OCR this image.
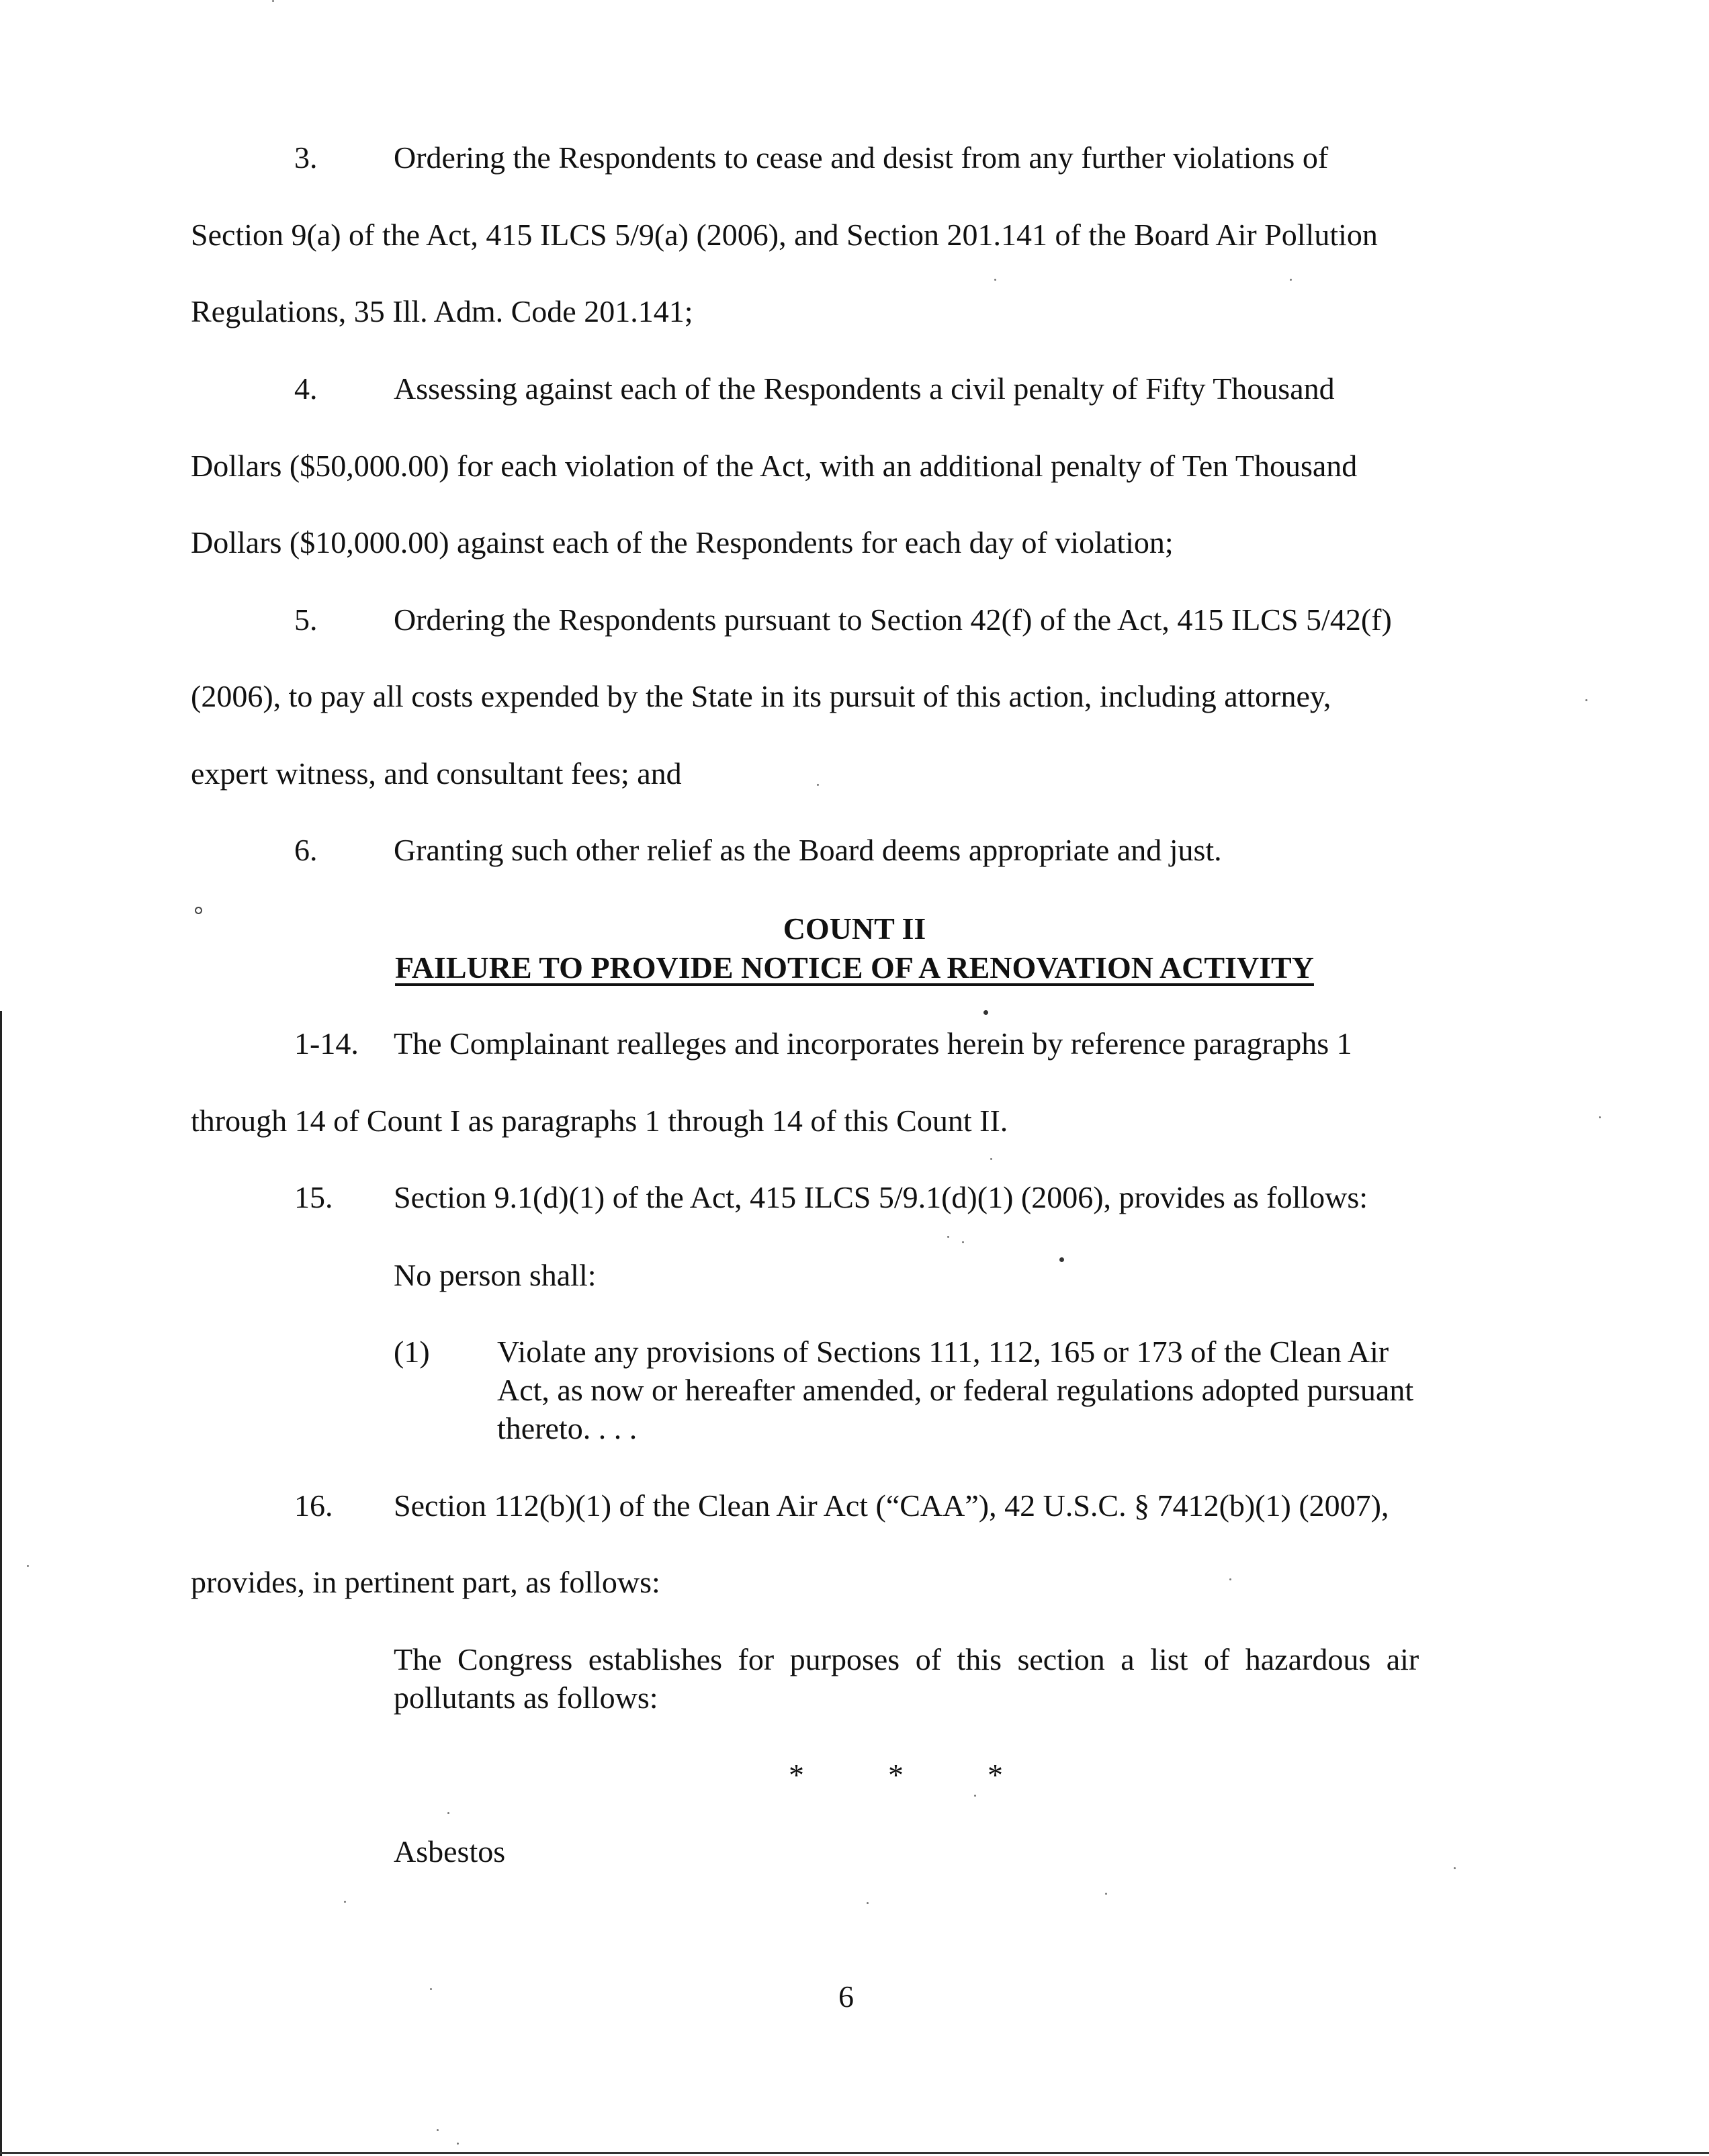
3. Ordering the Respondents to cease and desist from any further violations of
Section 9(a) of the Act, 415 ILCS 5/9(a) (2006), and Section 201.141 of the Board Air Pollution
Regulations, 35 Ill. Adm. Code 201.141;
4. Assessing against each of the Respondents a civil penalty of Fifty Thousand
Dollars ($50,000.00) for each violation of the Act, with an additional penalty of Ten Thousand
Dollars ($10,000.00) against each of the Respondents for each day of violation;
5. Ordering the Respondents pursuant to Section 42(f) of the Act, 415 ILCS 5/42(f)
(2006), to pay all costs expended by the State in its pursuit of this action, including attorney,
expert witness, and consultant fees; and
6. Granting such other relief as the Board deems appropriate and just.
COUNT II
FAILURE TO PROVIDE NOTICE OF A RENOVATION ACTIVITY
1-14. The Complainant realleges and incorporates herein by reference paragraphs 1
through 14 of Count I as paragraphs 1 through 14 of this Count II.
15. Section 9.1(d)(1) of the Act, 415 ILCS 5/9.1(d)(1) (2006), provides as follows:
No person shall:
(1) Violate any provisions of Sections 111, 112, 165 or 173 of the Clean Air
Act, as now or hereafter amended, or federal regulations adopted pursuant
thereto. . . .
16. Section 112(b)(1) of the Clean Air Act (“CAA”), 42 U.S.C. § 7412(b)(1) (2007),
provides, in pertinent part, as follows:
The Congress establishes for purposes of this section a list of hazardous air
pollutants as follows:
*	*	*
Asbestos
6
